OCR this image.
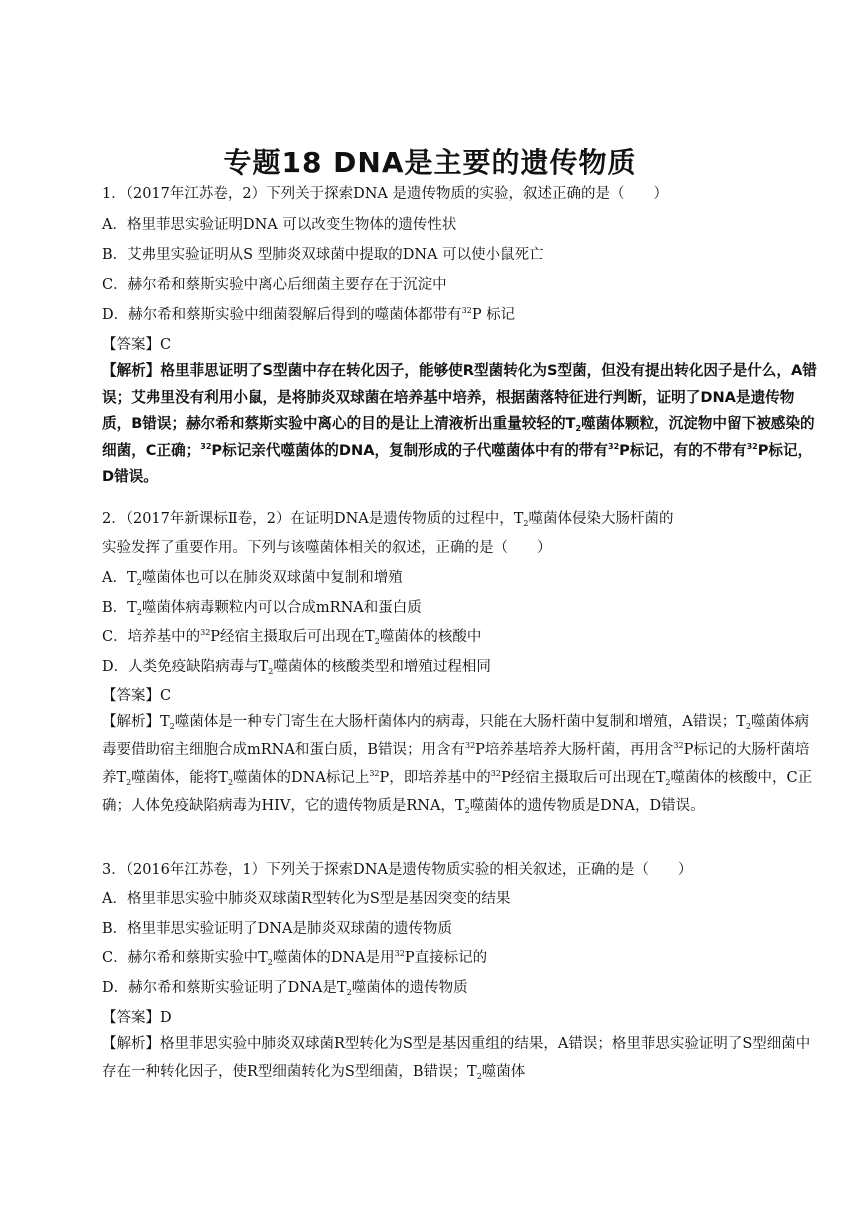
专题18 DNA是主要的遗传物质
1．（2017年江苏卷，2）下列关于探索DNA 是遗传物质的实验，叙述正确的是（　　）
A．格里菲思实验证明DNA 可以改变生物体的遗传性状
B．艾弗里实验证明从S 型肺炎双球菌中提取的DNA 可以使小鼠死亡
C．赫尔希和蔡斯实验中离心后细菌主要存在于沉淀中
D．赫尔希和蔡斯实验中细菌裂解后得到的噬菌体都带有$^{32}$P 标记
【答案】C
【解析】格里菲思证明了S型菌中存在转化因子，能够使R型菌转化为S型菌，但没有提出转化因子是什么，A错误；艾弗里没有利用小鼠，是将肺炎双球菌在培养基中培养，根据菌落特征进行判断，证明了DNA是遗传物质，B错误；赫尔希和蔡斯实验中离心的目的是让上清液析出重量较轻的$T_2$噬菌体颗粒，沉淀物中留下被感染的细菌，C正确；$^{32}$P标记亲代噬菌体的DNA，复制形成的子代噬菌体中有的带有$^{32}$P标记，有的不带有$^{32}$P标记，D错误。
2．（2017年新课标Ⅱ卷，2）在证明DNA是遗传物质的过程中，$T_2$噬菌体侵染大肠杆菌的
实验发挥了重要作用。下列与该噬菌体相关的叙述，正确的是（　　）
A．$T_2$噬菌体也可以在肺炎双球菌中复制和增殖
B．$T_2$噬菌体病毒颗粒内可以合成mRNA和蛋白质
C．培养基中的$^{32}$P经宿主摄取后可出现在$T_2$噬菌体的核酸中
D．人类免疫缺陷病毒与$T_2$噬菌体的核酸类型和增殖过程相同
【答案】C
【解析】$T_2$噬菌体是一种专门寄生在大肠杆菌体内的病毒，只能在大肠杆菌中复制和增殖，A错误；$T_2$噬菌体病毒要借助宿主细胞合成mRNA和蛋白质，B错误；用含有$^{32}$P培养基培养大肠杆菌，再用含$^{32}$P标记的大肠杆菌培养$T_2$噬菌体，能将$T_2$噬菌体的DNA标记上$^{32}$P，即培养基中的$^{32}$P经宿主摄取后可出现在$T_2$噬菌体的核酸中，C正确；人体免疫缺陷病毒为HIV，它的遗传物质是RNA，$T_2$噬菌体的遗传物质是DNA，D错误。
3．（2016年江苏卷，1）下列关于探索DNA是遗传物质实验的相关叙述，正确的是（　　）
A．格里菲思实验中肺炎双球菌R型转化为S型是基因突变的结果
B．格里菲思实验证明了DNA是肺炎双球菌的遗传物质
C．赫尔希和蔡斯实验中$T_2$噬菌体的DNA是用$^{32}$P直接标记的
D．赫尔希和蔡斯实验证明了DNA是$T_2$噬菌体的遗传物质
【答案】D
【解析】格里菲思实验中肺炎双球菌R型转化为S型是基因重组的结果，A错误；格里菲思实验证明了S型细菌中存在一种转化因子，使R型细菌转化为S型细菌，B错误；$T_2$噬菌体
